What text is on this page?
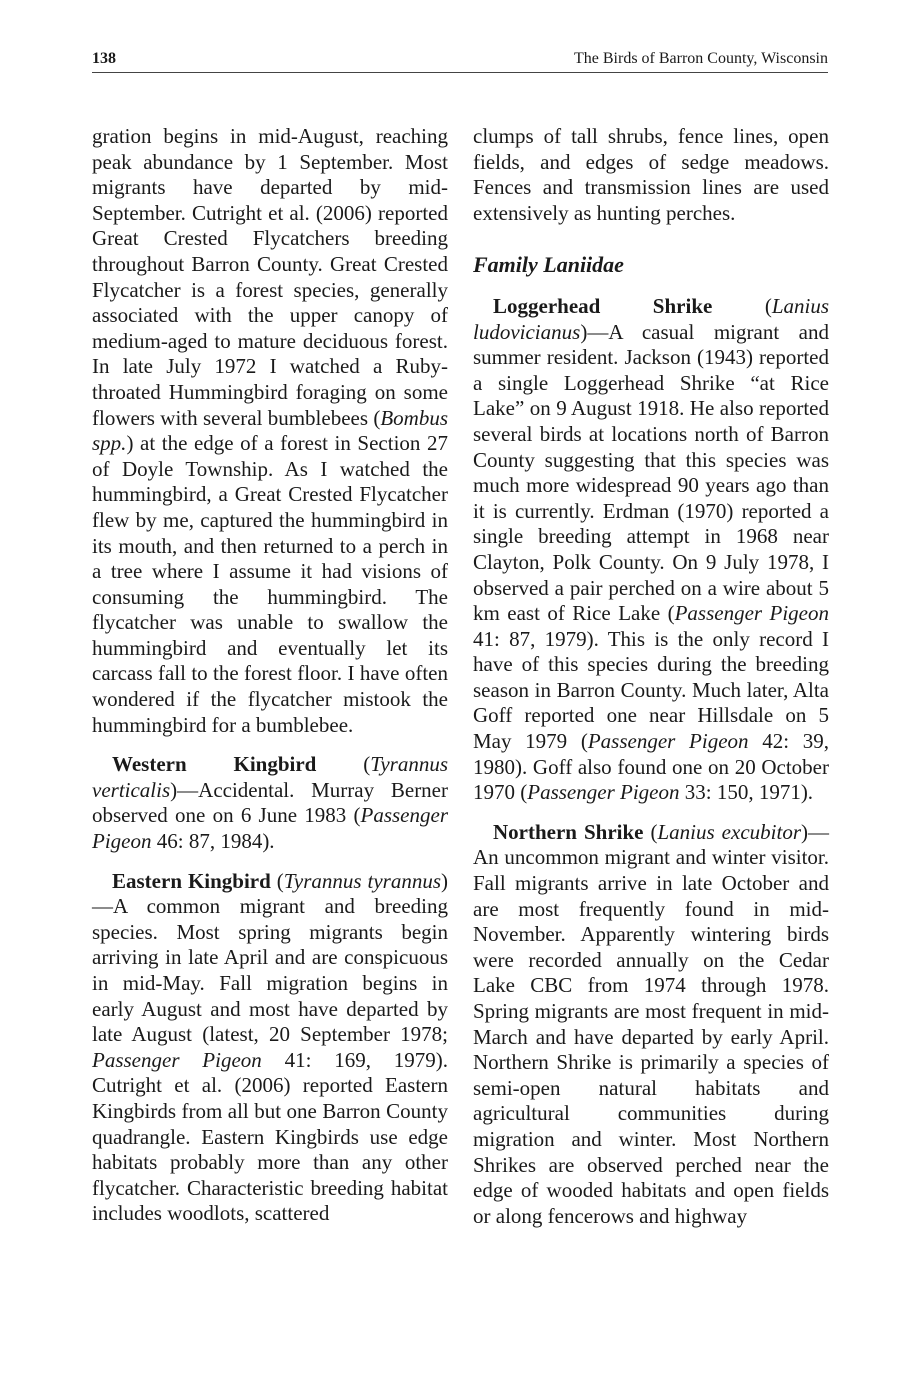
138	The Birds of Barron County, Wisconsin

gration begins in mid-August, reaching peak abundance by 1 September. Most migrants have departed by mid-September. Cutright et al. (2006) reported Great Crested Flycatchers breeding throughout Barron County. Great Crested Flycatcher is a forest species, generally associated with the upper canopy of medium-aged to mature deciduous forest. In late July 1972 I watched a Ruby-throated Hummingbird foraging on some flowers with several bumblebees (Bombus spp.) at the edge of a forest in Section 27 of Doyle Township. As I watched the hummingbird, a Great Crested Flycatcher flew by me, captured the hummingbird in its mouth, and then returned to a perch in a tree where I assume it had visions of consuming the hummingbird. The flycatcher was unable to swallow the hummingbird and eventually let its carcass fall to the forest floor. I have often wondered if the flycatcher mistook the hummingbird for a bumblebee.

Western Kingbird (Tyrannus verticalis)—Accidental. Murray Berner observed one on 6 June 1983 (Passenger Pigeon 46: 87, 1984).

Eastern Kingbird (Tyrannus tyrannus)—A common migrant and breeding species. Most spring migrants begin arriving in late April and are conspicuous in mid-May. Fall migration begins in early August and most have departed by late August (latest, 20 September 1978; Passenger Pigeon 41: 169, 1979). Cutright et al. (2006) reported Eastern Kingbirds from all but one Barron County quadrangle. Eastern Kingbirds use edge habitats probably more than any other flycatcher. Characteristic breeding habitat includes woodlots, scattered

clumps of tall shrubs, fence lines, open fields, and edges of sedge meadows. Fences and transmission lines are used extensively as hunting perches.

Family Laniidae

Loggerhead Shrike (Lanius ludovicianus)—A casual migrant and summer resident. Jackson (1943) reported a single Loggerhead Shrike “at Rice Lake” on 9 August 1918. He also reported several birds at locations north of Barron County suggesting that this species was much more widespread 90 years ago than it is currently. Erdman (1970) reported a single breeding attempt in 1968 near Clayton, Polk County. On 9 July 1978, I observed a pair perched on a wire about 5 km east of Rice Lake (Passenger Pigeon 41: 87, 1979). This is the only record I have of this species during the breeding season in Barron County. Much later, Alta Goff reported one near Hillsdale on 5 May 1979 (Passenger Pigeon 42: 39, 1980). Goff also found one on 20 October 1970 (Passenger Pigeon 33: 150, 1971).

Northern Shrike (Lanius excubitor)—An uncommon migrant and winter visitor. Fall migrants arrive in late October and are most frequently found in mid-November. Apparently wintering birds were recorded annually on the Cedar Lake CBC from 1974 through 1978. Spring migrants are most frequent in mid-March and have departed by early April. Northern Shrike is primarily a species of semi-open natural habitats and agricultural communities during migration and winter. Most Northern Shrikes are observed perched near the edge of wooded habitats and open fields or along fencerows and highway
